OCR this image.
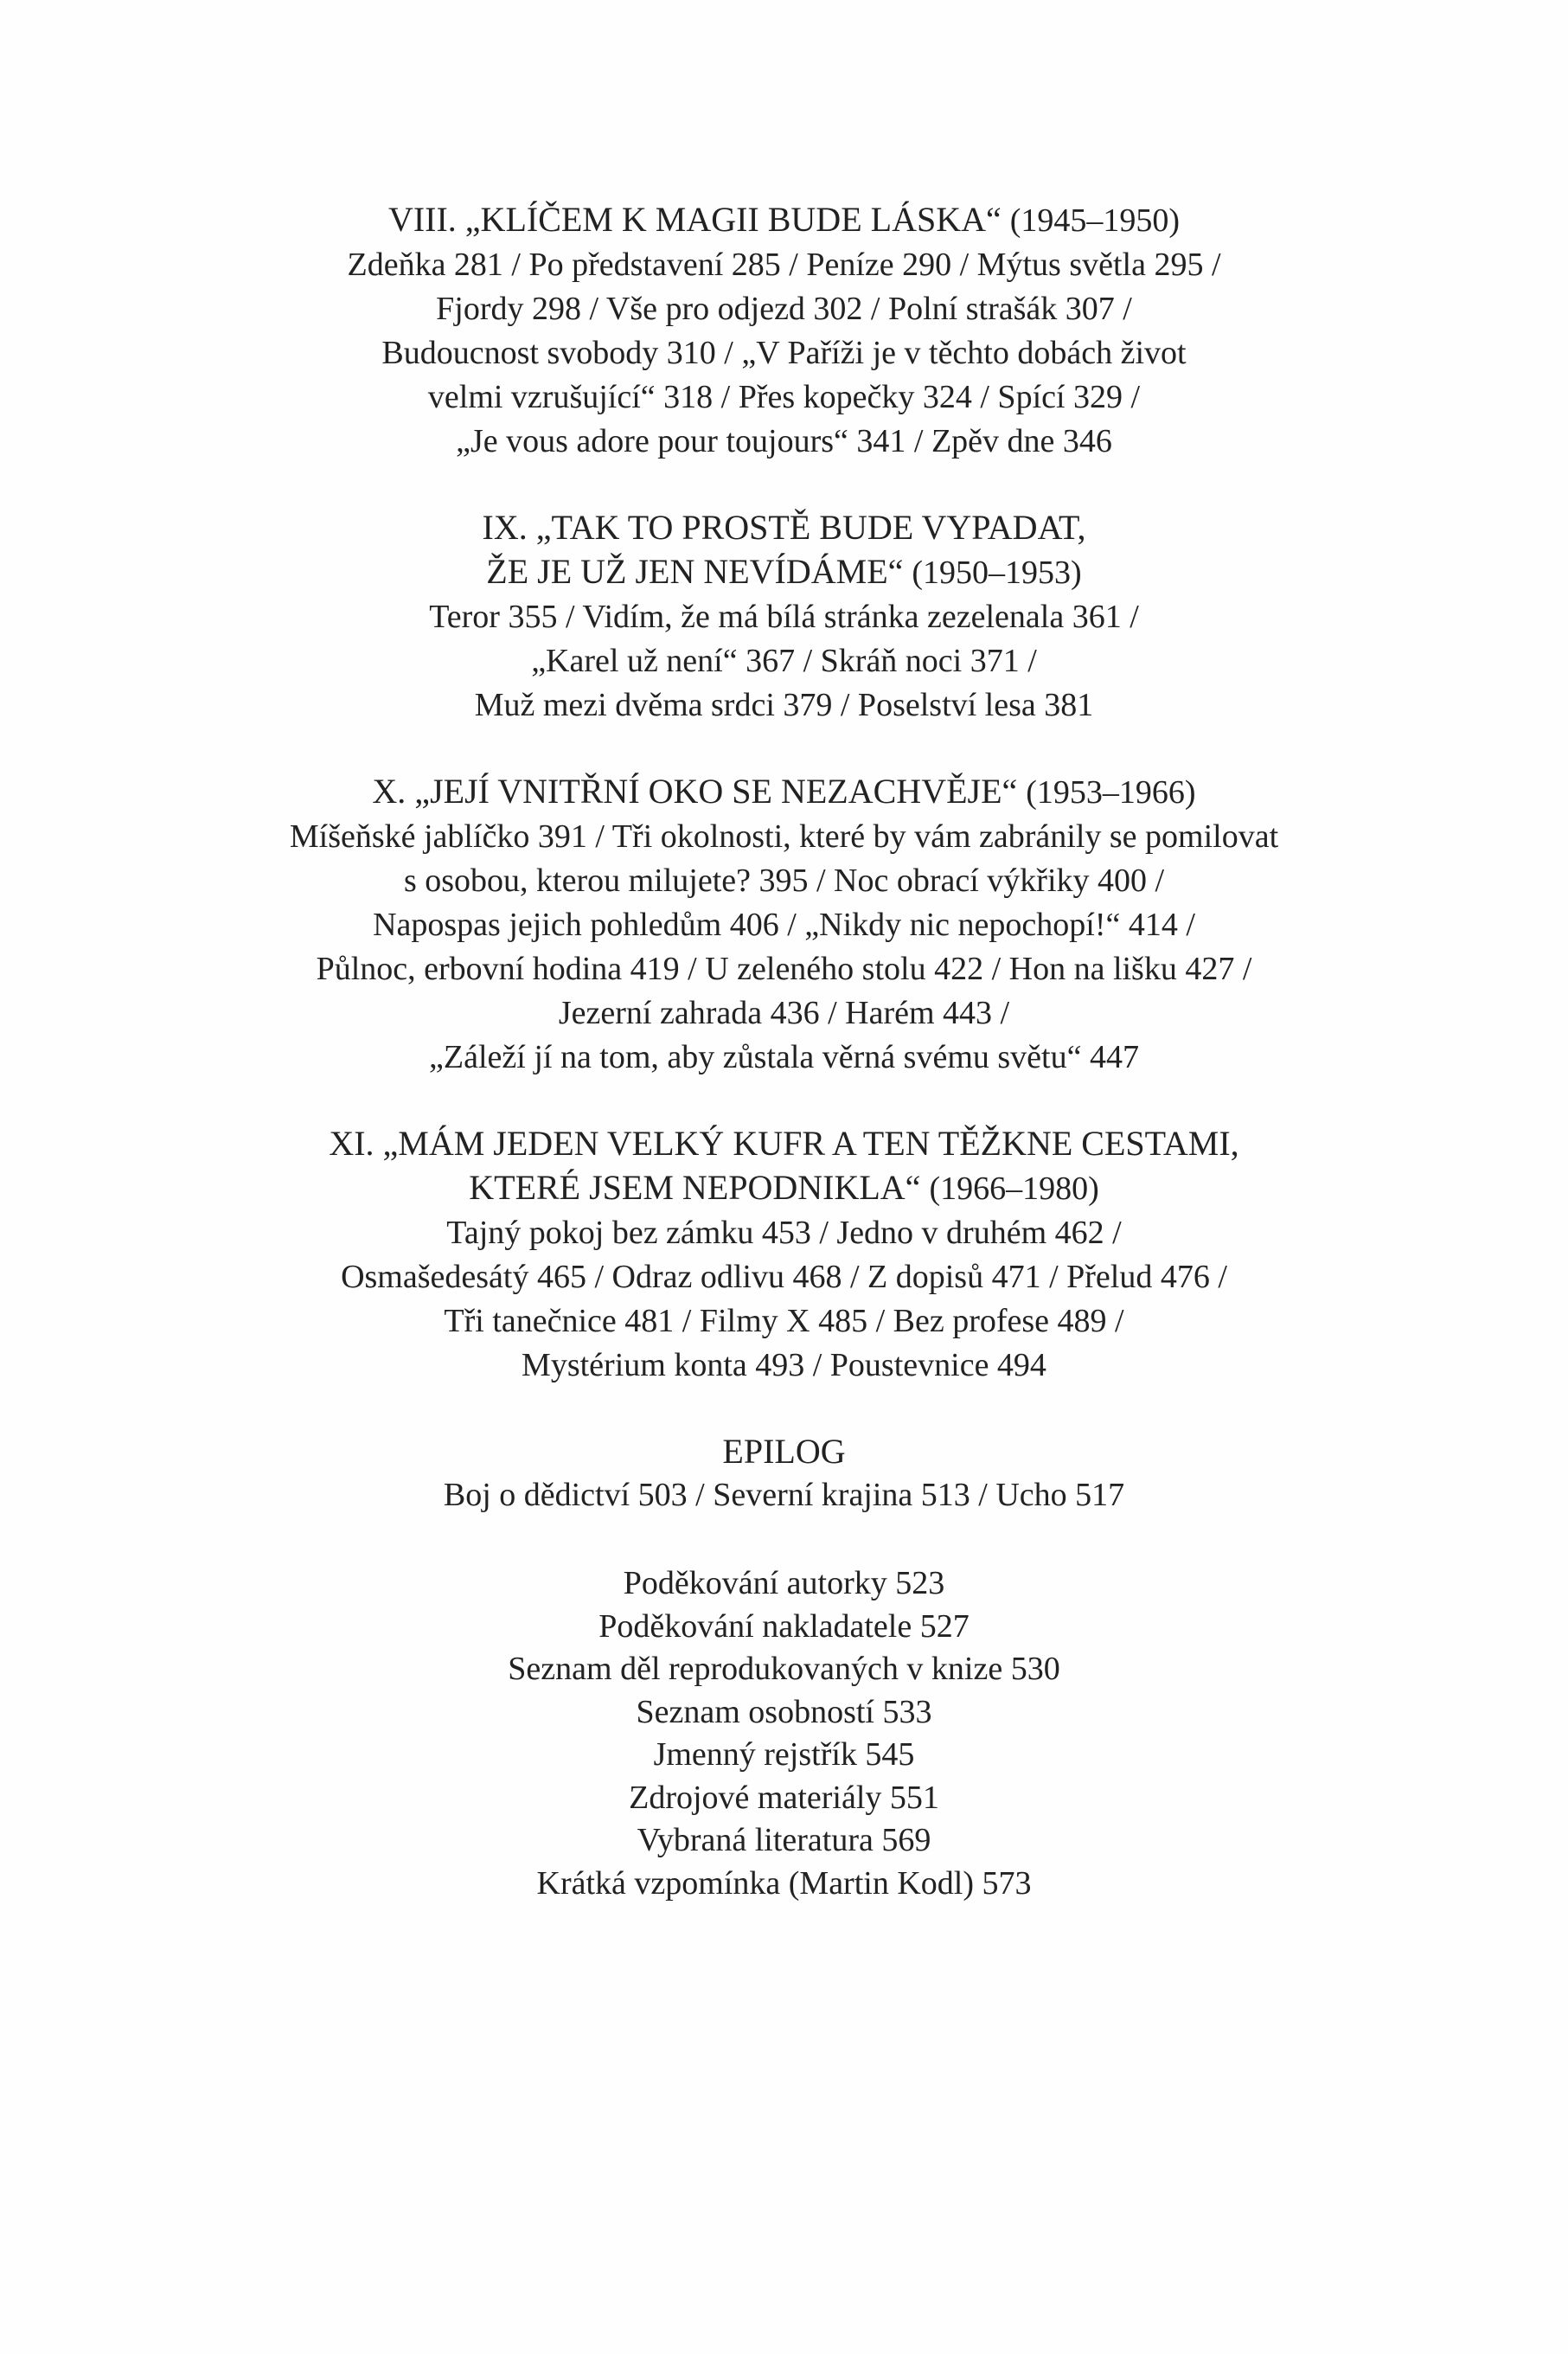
VIII. „KLÍČEM K MAGII BUDE LÁSKA“ (1945–1950)

Zdeňka 281 / Po představení 285 / Peníze 290 / Mýtus světla 295 /
Fjordy 298 / Vše pro odjezd 302 / Polní strašák 307 /
Budoucnost svobody 310 / „V Paříži je v těchto dobách život
velmi vzrušující“ 318 / Přes kopečky 324 / Spící 329 /
„Je vous adore pour toujours“ 341 / Zpěv dne 346

IX. „TAK TO PROSTĚ BUDE VYPADAT,
ŽE JE UŽ JEN NEVÍDÁME“ (1950–1953)

Teror 355 / Vidím, že má bílá stránka zezelenala 361 /
„Karel už není“ 367 / Skráň noci 371 /
Muž mezi dvěma srdci 379 / Poselství lesa 381

X. „JEJÍ VNITŘNÍ OKO SE NEZACHVĚJE“ (1953–1966)

Míšeňské jablíčko 391 / Tři okolnosti, které by vám zabránily se pomilovat
s osobou, kterou milujete? 395 / Noc obrací výkřiky 400 /
Napospas jejich pohledům 406 / „Nikdy nic nepochopí!“ 414 /
Půlnoc, erbovní hodina 419 / U zeleného stolu 422 / Hon na lišku 427 /
Jezerní zahrada 436 / Harém 443 /
„Záleží jí na tom, aby zůstala věrná svému světu“ 447

XI. „MÁM JEDEN VELKÝ KUFR A TEN TĚŽKNE CESTAMI,
KTERÉ JSEM NEPODNIKLA“ (1966–1980)

Tajný pokoj bez zámku 453 / Jedno v druhém 462 /
Osmašedesátý 465 / Odraz odlivu 468 / Z dopisů 471 / Přelud 476 /
Tři tanečnice 481 / Filmy X 485 / Bez profese 489 /
Mystérium konta 493 / Poustevnice 494

EPILOG

Boj o dědictví 503 / Severní krajina 513 / Ucho 517

Poděkování autorky 523
Poděkování nakladatele 527
Seznam děl reprodukovaných v knize 530
Seznam osobností 533
Jmenný rejstřík 545
Zdrojové materiály 551
Vybraná literatura 569
Krátká vzpomínka (Martin Kodl) 573
